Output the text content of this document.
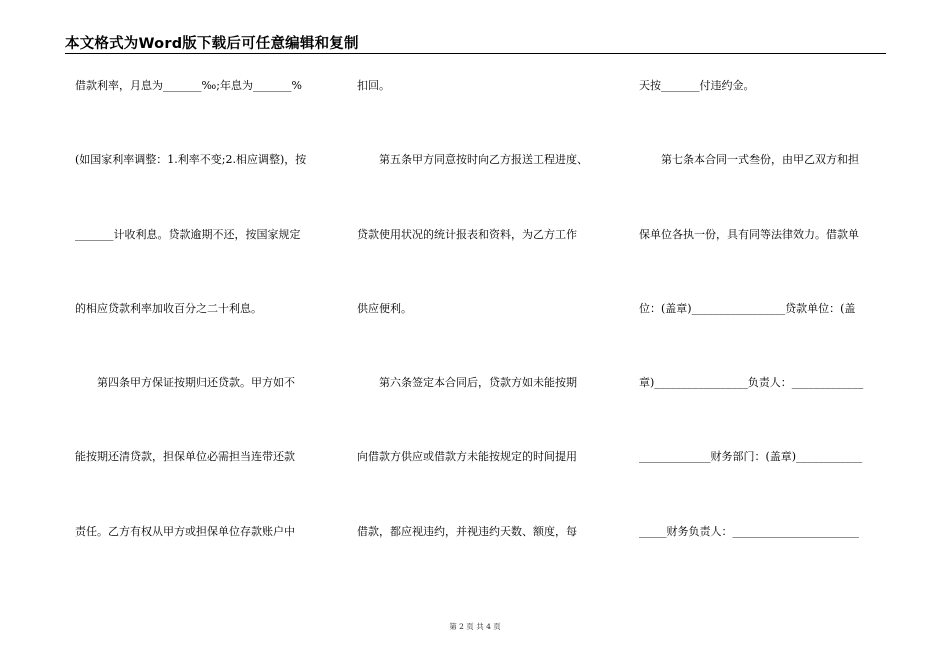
本文格式为Word版下载后可任意编辑和复制
借款利率，月息为_______‰;年息为_______%
(如国家利率调整：1.利率不变;2.相应调整)，按
_______计收利息。贷款逾期不还，按国家规定
的相应贷款利率加收百分之二十利息。
　　第四条甲方保证按期归还贷款。甲方如不
能按期还清贷款，担保单位必需担当连带还款
责任。乙方有权从甲方或担保单位存款账户中
扣回。
　　第五条甲方同意按时向乙方报送工程进度、
贷款使用状况的统计报表和资料，为乙方工作
供应便利。
　　第六条签定本合同后，贷款方如未能按期
向借款方供应或借款方未能按规定的时间提用
借款，都应视违约，并视违约天数、额度，每
天按_______付违约金。
　　第七条本合同一式叁份，由甲乙双方和担
保单位各执一份，具有同等法律效力。借款单
位：(盖章)_________________贷款单位：(盖
章)_________________负责人：_____________
_____________财务部门：(盖章)____________
_____财务负责人：_______________________
第 2 页 共 4 页
